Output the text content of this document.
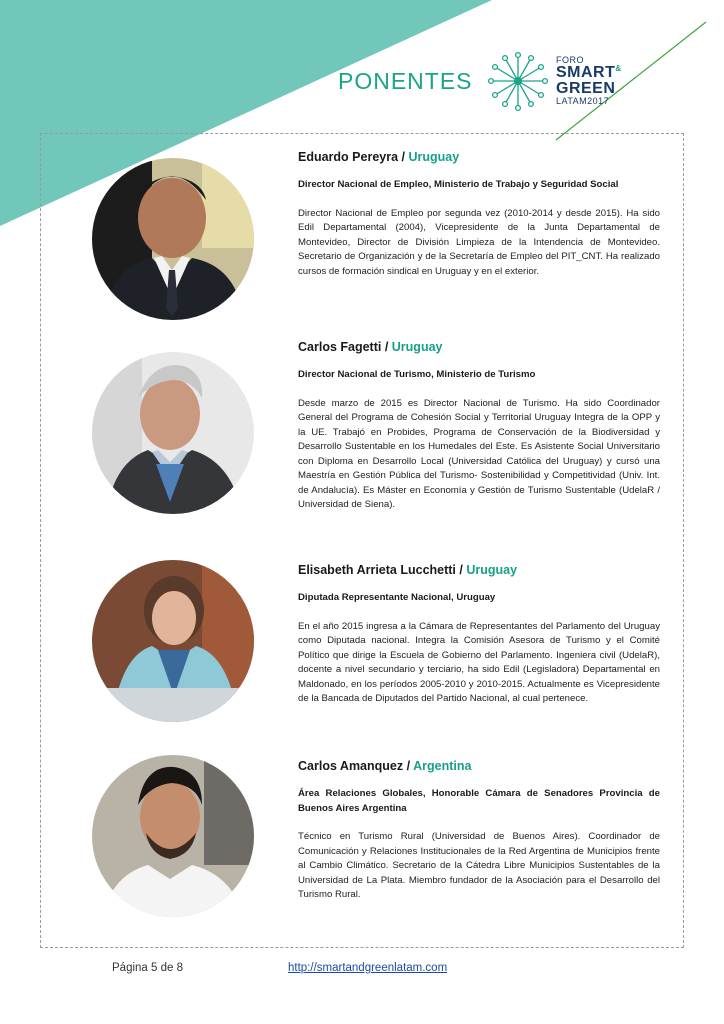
PONENTES
FORO
SMART&
GREEN
LATAM2017

Eduardo Pereyra / Uruguay

Director Nacional de Empleo, Ministerio de Trabajo y Seguridad Social

Director Nacional de Empleo por segunda vez (2010-2014 y desde 2015). Ha sido Edil Departamental (2004), Vicepresidente de la Junta Departamental de Montevideo, Director de División Limpieza de la Intendencia de Montevideo. Secretario de Organización y de la Secretaría de Empleo del PIT_CNT. Ha realizado cursos de formación sindical en Uruguay y en el exterior.

Carlos Fagetti / Uruguay

Director Nacional de Turismo, Ministerio de Turismo

Desde marzo de 2015 es Director Nacional de Turismo. Ha sido Coordinador General del Programa de Cohesión Social y Territorial Uruguay Integra de la OPP y la UE. Trabajó en Probides, Programa de Conservación de la Biodiversidad y Desarrollo Sustentable en los Humedales del Este. Es Asistente Social Universitario con Diploma en Desarrollo Local (Universidad Católica del Uruguay) y cursó una Maestría en Gestión Pública del Turismo- Sostenibilidad y Competitividad (Univ. Int. de Andalucía). Es Máster en Economía y Gestión de Turismo Sustentable (UdelaR / Universidad de Siena).

Elisabeth Arrieta Lucchetti / Uruguay

Diputada Representante Nacional, Uruguay

En el año 2015 ingresa a la Cámara de Representantes del Parlamento del Uruguay como Diputada nacional. Integra la Comisión Asesora de Turismo y el Comité Político que dirige la Escuela de Gobierno del Parlamento. Ingeniera civil (UdelaR), docente a nivel secundario y terciario, ha sido Edil (Legisladora) Departamental en Maldonado, en los períodos 2005-2010 y 2010-2015. Actualmente es Vicepresidente de la Bancada de Diputados del Partido Nacional, al cual pertenece.

Carlos Amanquez / Argentina

Área Relaciones Globales, Honorable Cámara de Senadores Provincia de Buenos Aires Argentina

Técnico en Turismo Rural (Universidad de Buenos Aires). Coordinador de Comunicación y Relaciones Institucionales de la Red Argentina de Municipios frente al Cambio Climático. Secretario de la Cátedra Libre Municipios Sustentables de la Universidad de La Plata. Miembro fundador de la Asociación para el Desarrollo del Turismo Rural.

Página 5 de 8	http://smartandgreenlatam.com
